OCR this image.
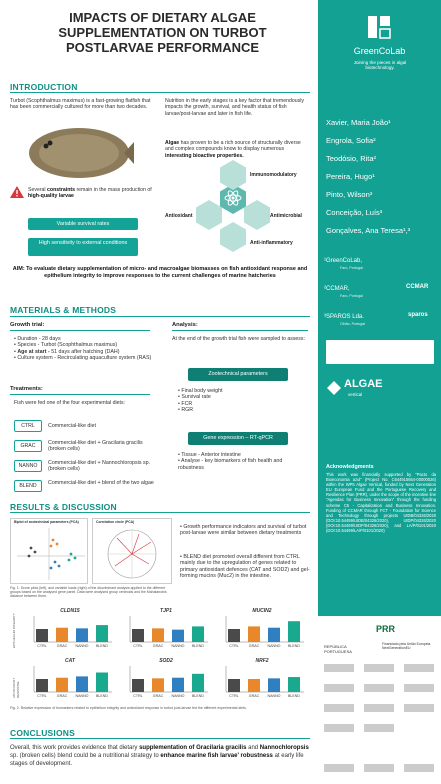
IMPACTS OF DIETARY ALGAE SUPPLEMENTATION ON TURBOT POSTLARVAE PERFORMANCE
INTRODUCTION
Turbot (Scophthalmus maximus) is a fast-growing flatfish that has been commercially cultured for more than two decades.
Nutrition in the early stages is a key factor that tremendously impacts the growth, survival, and health status of fish larvae/post-larvae and later in fish life.
Algae has proven to be a rich source of structurally diverse and complex compounds know to display numerous interesting bioactive properties.
Several constraints remain in the mass production of high-quality larvae
Variable survival rates
High sensitivity to external conditions
Immunomodulatory
Antioxidant	Antimicrobial
Anti-inflammatory
AIM: To evaluate dietary supplementation of micro- and macroalgae biomasses on fish antioxidant response and epithelium integrity to improve responses to the current challenges of marine hatcheries
MATERIALS & METHODS
Growth trial:
• Duration - 28 days
• Species - Turbot (Scophthalmus maximus)
• Age at start - 51 days after hatching (DAH)
• Culture system - Recirculating aquaculture system (RAS)
Treatments:
Fish were fed one of the four experimental diets:
CTRL	Commercial-like diet
GRAC	Commercial-like diet + Gracilaria gracilis (broken cells)
NANNO	Commercial-like diet + Nannochloropsis sp. (broken cells)
BLEND	Commercial-like diet + blend of the two algae
Analysis:
At the end of the growth trial fish were sampled to assess:
Zootechnical parameters
• Final body weight
• Survival rate
• FCR
• RGR
Gene expression – RT-qPCR
• Tissue - Anterior intestine
• Analyse - key biomarkers of fish health and robustness
RESULTS & DISCUSSION
Biplot of zootechnical parameters (PCA)	Correlation circle (PCA)
Fig. 1. Score plots (left), and variable loads (right) of the discriminant analysis applied to the different groups based on the analysed gene panel. Data were analysed group centroids and the Mahalanobis distance between them.
• Growth performance indicators and survival of turbot post-larvae were similar between dietary treatments
• BLEND diet promoted overall different from CTRL mainly due to the upregulation of genes related to primary antioxidant defences (CAT and SOD2) and gel-forming mucins (Muc2) in the intestine.
EPITHELIUM INTEGRITY
ANTIOXIDANT RESPONSE
CLDN15
CTRL	GRAC NANNO BLEND
TJP1
CTRL	GRAC NANNO BLEND
MUCIN2
CTRL	GRAC NANNO BLEND
CAT
CTRL	GRAC NANNO BLEND
SOD2
CTRL	GRAC NANNO BLEND
NRF2
CTRL	GRAC NANNO BLEND
Fig. 2. Relative expression of biomarkers related to epithelium integrity and antioxidant response in turbot post-larvae fed the different experimental diets.
CONCLUSIONS
Overall, this work provides evidence that dietary supplementation of Gracilaria gracilis and Nannochloropsis sp. (broken cells) blend could be a nutritional strategy to enhance marine fish larvae' robustness at early life stages of development.
GreenCoLab
Joining the pieces in algal biotechnology.
Xavier, Maria João¹
Engrola, Sofia²
Teodósio, Rita²
Pereira, Hugo¹
Pinto, Wilson³
Conceição, Luís³
Gonçalves, Ana Teresa¹,³
¹GreenCoLab,
Faro, Portugal
²CCMAR,
Faro, Portugal
CCMAR
³SPAROS Lda.
Olhão, Portugal
sparos
ALGAE
vertical
Acknowledgments
This work was financially supported by "Pacto da Bioeconomia azul" (Project No. C644915664-00000026) within the WP5 Algae Vertical, funded by Next Generation EU European Fund and the Portuguese Recovery and Resilience Plan (PRR), under the scope of the incentive line "Agendas for Business Innovation" through the funding scheme C5 - Capitalization and Business Innovation. Funding of CCMAR through FCT - Foundation for Science and Technology through projects UIDB/04326/2020 (DOI:10.54499/UIDB/04326/2020), UIDP/04326/2020 (DOI:10.54499/UIDP/04326/2020), and LA/P/0101/2020 (DOI:10.54499/LA/P/0101/2020)
PRR
REPÚBLICA PORTUGUESA
Financiado pela União Europeia NextGenerationEU
